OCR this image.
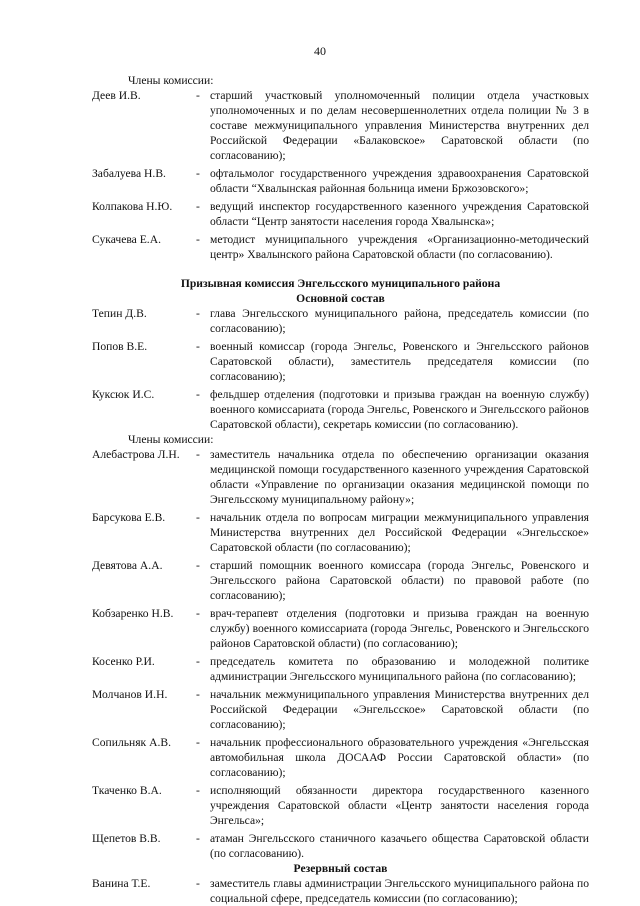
40
Члены комиссии:
Деев И.В.	- старший участковый уполномоченный полиции отдела участковых уполномоченных и по делам несовершеннолетних отдела полиции № 3 в составе межмуниципального управления Министерства внутренних дел Российской Федерации «Балаковское» Саратовской области (по согласованию);
Забалуева Н.В.	- офтальмолог государственного учреждения здравоохранения Саратовской области “Хвалынская районная больница имени Бржозовского»;
Колпакова Н.Ю.	- ведущий инспектор государственного казенного учреждения Саратовской области “Центр занятости населения города Хвалынска»;
Сукачева Е.А.	- методист муниципального учреждения «Организационно-методический центр» Хвалынского района Саратовской области (по согласованию).
Призывная комиссия Энгельсского муниципального района
Основной состав
Тепин Д.В.	- глава Энгельсского муниципального района, председатель комиссии (по согласованию);
Попов В.Е.	- военный комиссар (города Энгельс, Ровенского и Энгельсского районов Саратовской области), заместитель председателя комиссии (по согласованию);
Куксюк И.С.	- фельдшер отделения (подготовки и призыва граждан на военную службу) военного комиссариата (города Энгельс, Ровенского и Энгельсского районов Саратовской области), секретарь комиссии (по согласованию).
Члены комиссии:
Алебастрова Л.Н.	- заместитель начальника отдела по обеспечению организации оказания медицинской помощи государственного казенного учреждения Саратовской области «Управление по организации оказания медицинской помощи по Энгельсскому муниципальному району»;
Барсукова Е.В.	- начальник отдела по вопросам миграции межмуниципального управления Министерства внутренних дел Российской Федерации «Энгельсское» Саратовской области (по согласованию);
Девятова А.А.	- старший помощник военного комиссара (города Энгельс, Ровенского и Энгельсского района Саратовской области) по правовой работе (по согласованию);
Кобзаренко Н.В.	- врач-терапевт отделения (подготовки и призыва граждан на военную службу) военного комиссариата (города Энгельс, Ровенского и Энгельсского районов Саратовской области) (по согласованию);
Косенко Р.И.	- председатель комитета по образованию и молодежной политике администрации Энгельсского муниципального района (по согласованию);
Молчанов И.Н.	- начальник межмуниципального управления Министерства внутренних дел Российской Федерации «Энгельсское» Саратовской области (по согласованию);
Сопильняк А.В.	- начальник профессионального образовательного учреждения «Энгельсская автомобильная школа ДОСААФ России Саратовской области» (по согласованию);
Ткаченко В.А.	- исполняющий обязанности директора государственного казенного учреждения Саратовской области «Центр занятости населения города Энгельса»;
Щепетов В.В.	- атаман Энгельсского станичного казачьего общества Саратовской области (по согласованию).
Резервный состав
Ванина Т.Е.	- заместитель главы администрации Энгельсского муниципального района по социальной сфере, председатель комиссии (по согласованию);
